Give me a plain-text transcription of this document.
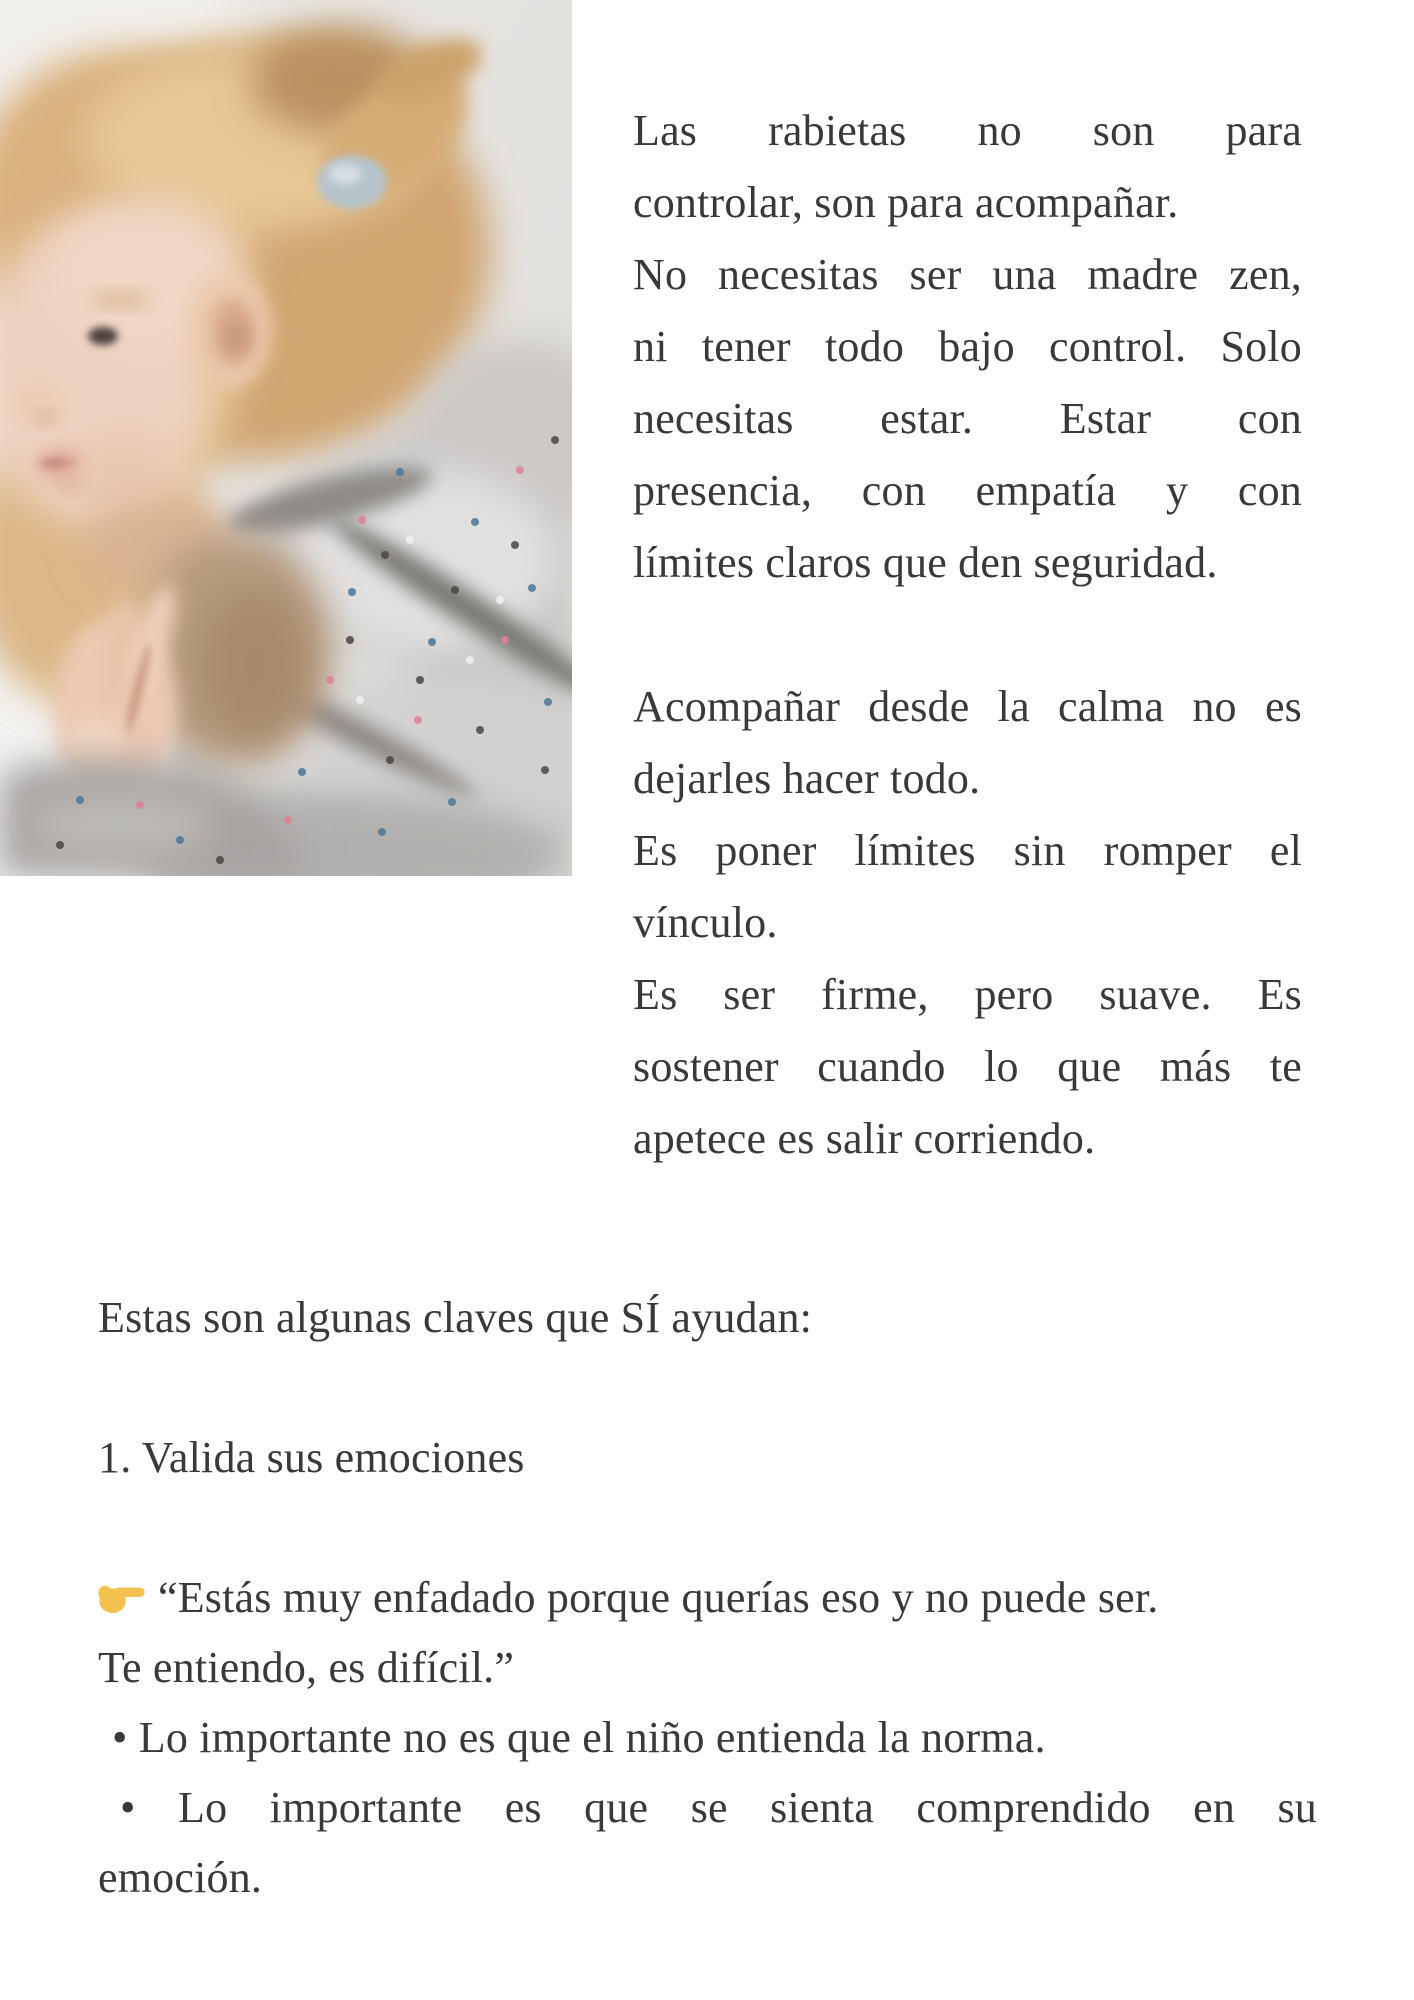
Las rabietas no son para
controlar, son para acompañar.
No necesitas ser una madre zen,
ni tener todo bajo control. Solo
necesitas estar. Estar con
presencia, con empatía y con
límites claros que den seguridad.
Acompañar desde la calma no es
dejarles hacer todo.
Es poner límites sin romper el
vínculo.
Es ser firme, pero suave. Es
sostener cuando lo que más te
apetece es salir corriendo.
Estas son algunas claves que SÍ ayudan:
1. Valida sus emociones
“Estás muy enfadado porque querías eso y no puede ser.
Te entiendo, es difícil.”
• Lo importante no es que el niño entienda la norma.
• Lo importante es que se sienta comprendido en su
emoción.
